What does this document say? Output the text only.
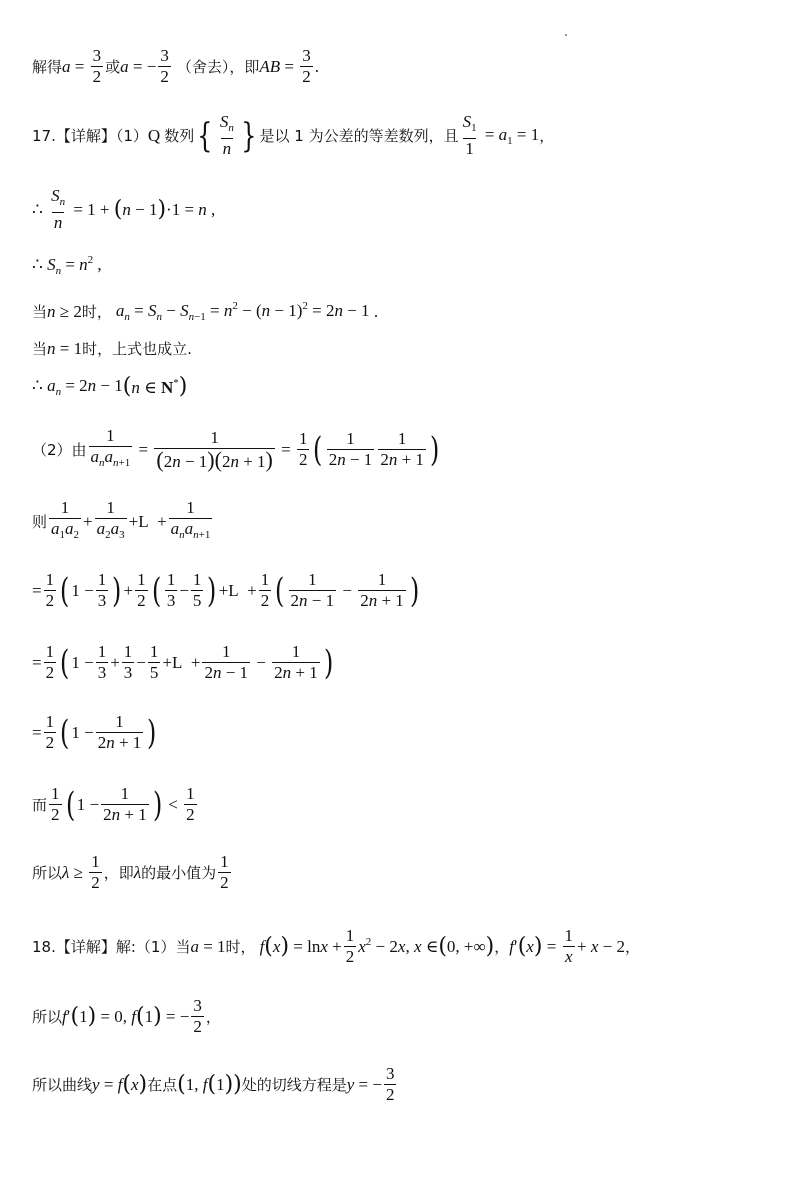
解得 $a = \frac{3}{2}$ 或 a = − $\frac{3}{2}$ （舍去），即 AB = $\frac{3}{2}$ .
17.【详解】（1） Q 数列 { $\frac{S_n}{n}$ } 是以 1 为公差的等差数列，且 $\frac{S_1}{1} = a_1 = 1$ ，
∴ $\frac{S_n}{n} = 1$ + ( n − 1 ) ·1 = n ,
∴ $S_n = n^2$ ,
当 n ≥ 2 时， $a_n = S_n - S_{n-1} = n^2 - (n - 1)^2 = 2n - 1$ .
当 n = 1 时，上式也成立.
∴ $a_n = 2n - 1$ ( n ∈ N* )
（2）由 $\frac{1}{a_na_{n+1}} = \frac{1}{(2n - 1)(2n + 1)} = \frac{1}{2}$ ( $\frac{1}{2n - 1} \frac{1}{2n + 1}$ )
则 $\frac{1}{a_1a_2} + \frac{1}{a_2a_3} +L + \frac{1}{a_na_{n+1}}$
= $\frac{1}{2}$ ( $1 - \frac{1}{3}$ ) + $\frac{1}{2}$ ( $\frac{1}{3} - \frac{1}{5}$ ) $+L + \frac{1}{2}$ ( $\frac{1}{2n - 1} - \frac{1}{2n + 1}$ )
= $\frac{1}{2}$ ( $1 - \frac{1}{3} + \frac{1}{3} - \frac{1}{5} +L + \frac{1}{2n - 1} - \frac{1}{2n + 1}$ )
= $\frac{1}{2}$ ( $1 - \frac{1}{2n + 1}$ )
而 $\frac{1}{2}$ ( $1 - \frac{1}{2n + 1}$ ) < $\frac{1}{2}$
所以 $\lambda \ge \frac{1}{2}$ ，即 λ 的最小值为 $\frac{1}{2}$
18.【详解】解:（1）当 a = 1 时， f ( x ) = $\ln x + \frac{1}{2} x^2 - 2x$, x ∈ ( 0, +∞ ) ， f ′ ( x ) = $\frac{1}{x} + x - 2$ ，
所以 f ′ ( 1 ) = 0, f ( 1 ) = − $\frac{3}{2}$ ，
所以曲线 y = f ( x ) 在点 ( 1, f ( 1 )) 处的切线方程是 y = − $\frac{3}{2}$
